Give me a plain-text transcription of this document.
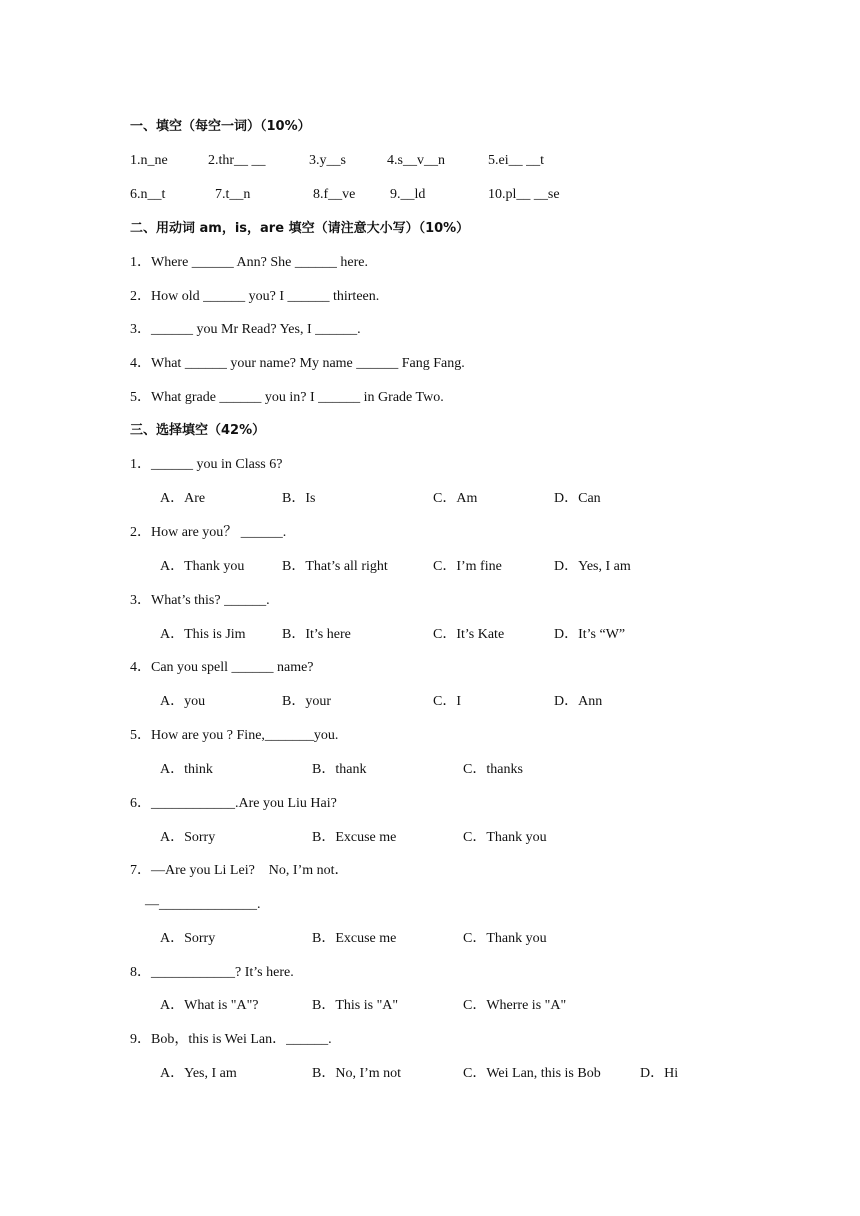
一、填空（每空一词）（10%）
1.n_ne	2.thr__ __	3.y__s	4.s__v__n	5.ei__ __t
6.n__t	7.t__n	8.f__ve 9.__ld	10.pl__ __se
二、用动词 am，is，are 填空（请注意大小写）（10%）
1．Where ______ Ann? She ______ here.
2．How old ______ you? I ______ thirteen.
3．______ you Mr Read? Yes, I ______.
4．What ______ your name? My name ______ Fang Fang.
5．What grade ______ you in? I ______ in Grade Two.
三、选择填空（42%）
1．______ you in Class 6?
A．Are	B．Is	C．Am	D．Can
2．How are you？ ______.
A．Thank you	B．That’s all right	C．I’m fine	D．Yes, I am
3．What’s this? ______.
A．This is Jim	B．It’s here	C．It’s Kate	D．It’s “W”
4．Can you spell ______ name?
A．you	B．your	C．I	D．Ann
5．How are you ? Fine,_______you.
A．think	B．thank	C．thanks
6．____________.Are you Liu Hai?
A．Sorry	B．Excuse me	C．Thank you
7．—Are you Li Lei?    No, I’m not．
—______________.
A．Sorry	B．Excuse me	C．Thank you
8．____________? It’s here.
A．What is "A"?	B．This is "A"	C．Wherre is "A"
9．Bob，this is Wei Lan．______.
A．Yes, I am	B．No, I’m not	C．Wei Lan, this is Bob	D．Hi
